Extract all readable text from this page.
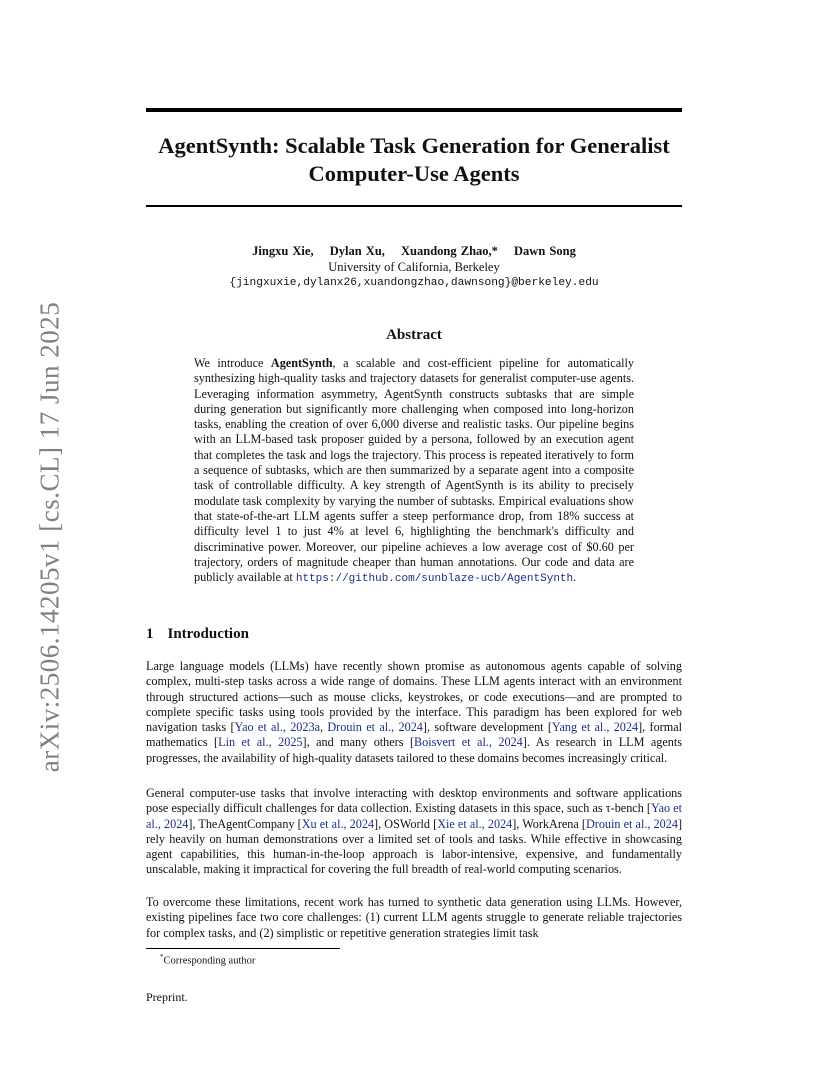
arXiv:2506.14205v1 [cs.CL] 17 Jun 2025
AgentSynth: Scalable Task Generation for Generalist
Computer-Use Agents
Jingxu Xie, Dylan Xu, Xuandong Zhao,* Dawn Song
University of California, Berkeley
{jingxuxie,dylanx26,xuandongzhao,dawnsong}@berkeley.edu
Abstract
We introduce AgentSynth, a scalable and cost-efficient pipeline for automatically synthesizing high-quality tasks and trajectory datasets for generalist computer-use agents. Leveraging information asymmetry, AgentSynth constructs subtasks that are simple during generation but significantly more challenging when composed into long-horizon tasks, enabling the creation of over 6,000 diverse and realistic tasks. Our pipeline begins with an LLM-based task proposer guided by a persona, followed by an execution agent that completes the task and logs the trajectory. This process is repeated iteratively to form a sequence of subtasks, which are then summarized by a separate agent into a composite task of controllable difficulty. A key strength of AgentSynth is its ability to precisely modulate task complexity by varying the number of subtasks. Empirical evaluations show that state-of-the-art LLM agents suffer a steep performance drop, from 18% success at difficulty level 1 to just 4% at level 6, highlighting the benchmark's difficulty and discriminative power. Moreover, our pipeline achieves a low average cost of $0.60 per trajectory, orders of magnitude cheaper than human annotations. Our code and data are publicly available at https://github.com/sunblaze-ucb/AgentSynth.
1 Introduction
Large language models (LLMs) have recently shown promise as autonomous agents capable of solving complex, multi-step tasks across a wide range of domains. These LLM agents interact with an environment through structured actions—such as mouse clicks, keystrokes, or code executions—and are prompted to complete specific tasks using tools provided by the interface. This paradigm has been explored for web navigation tasks [Yao et al., 2023a, Drouin et al., 2024], software development [Yang et al., 2024], formal mathematics [Lin et al., 2025], and many others [Boisvert et al., 2024]. As research in LLM agents progresses, the availability of high-quality datasets tailored to these domains becomes increasingly critical.
General computer-use tasks that involve interacting with desktop environments and software applications pose especially difficult challenges for data collection. Existing datasets in this space, such as τ-bench [Yao et al., 2024], TheAgentCompany [Xu et al., 2024], OSWorld [Xie et al., 2024], WorkArena [Drouin et al., 2024] rely heavily on human demonstrations over a limited set of tools and tasks. While effective in showcasing agent capabilities, this human-in-the-loop approach is labor-intensive, expensive, and fundamentally unscalable, making it impractical for covering the full breadth of real-world computing scenarios.
To overcome these limitations, recent work has turned to synthetic data generation using LLMs. However, existing pipelines face two core challenges: (1) current LLM agents struggle to generate reliable trajectories for complex tasks, and (2) simplistic or repetitive generation strategies limit task
*Corresponding author
Preprint.
